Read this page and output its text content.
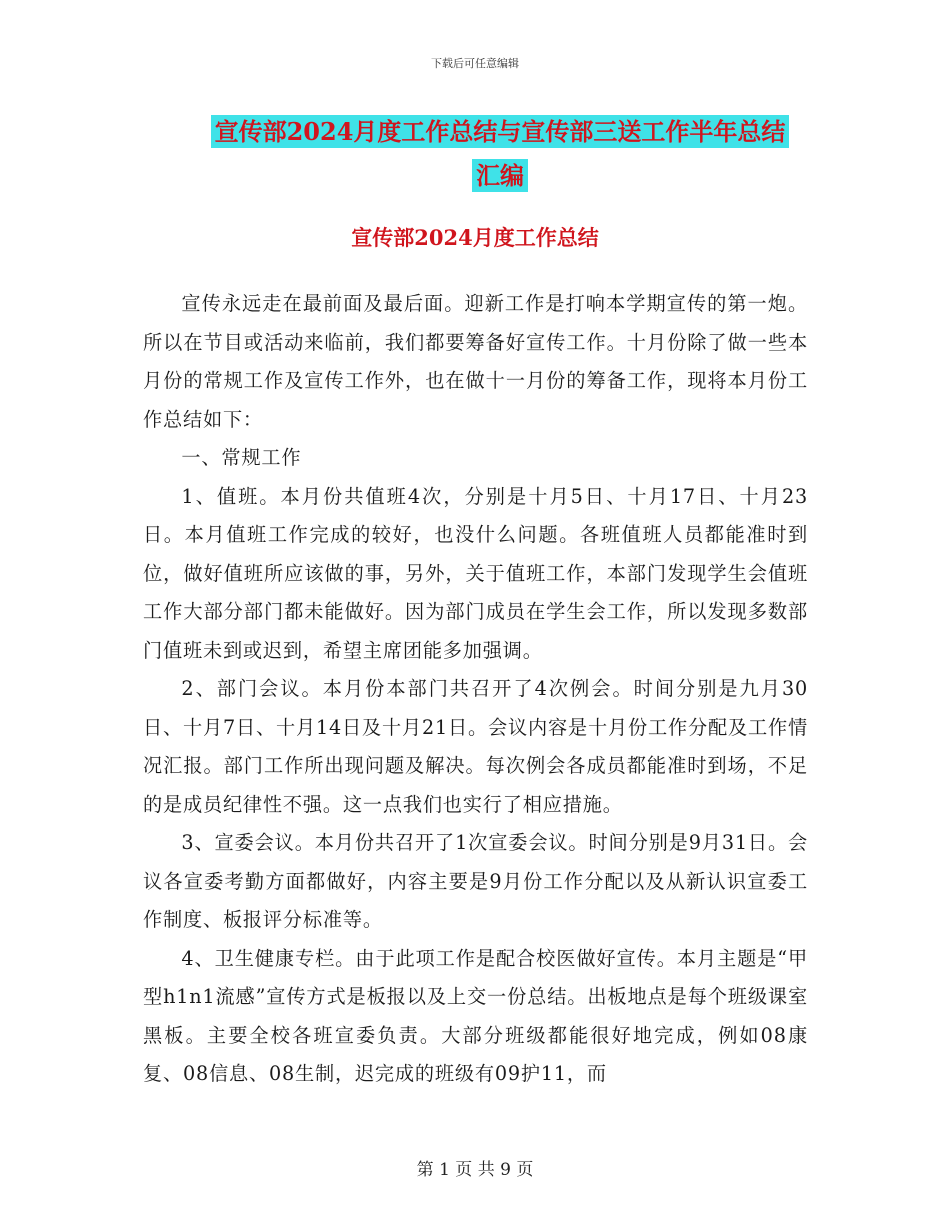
下载后可任意编辑
宣传部2024月度工作总结与宣传部三送工作半年总结
汇编
宣传部2024月度工作总结

宣传永远走在最前面及最后面。迎新工作是打响本学期宣传的第一炮。所以在节目或活动来临前，我们都要筹备好宣传工作。十月份除了做一些本月份的常规工作及宣传工作外，也在做十一月份的筹备工作，现将本月份工作总结如下：

一、常规工作

1、值班。本月份共值班4次，分别是十月5日、十月17日、十月23日。本月值班工作完成的较好，也没什么问题。各班值班人员都能准时到位，做好值班所应该做的事，另外，关于值班工作，本部门发现学生会值班工作大部分部门都未能做好。因为部门成员在学生会工作，所以发现多数部门值班未到或迟到，希望主席团能多加强调。

2、部门会议。本月份本部门共召开了4次例会。时间分别是九月30日、十月7日、十月14日及十月21日。会议内容是十月份工作分配及工作情况汇报。部门工作所出现问题及解决。每次例会各成员都能准时到场，不足的是成员纪律性不强。这一点我们也实行了相应措施。

3、宣委会议。本月份共召开了1次宣委会议。时间分别是9月31日。会议各宣委考勤方面都做好，内容主要是9月份工作分配以及从新认识宣委工作制度、板报评分标准等。

4、卫生健康专栏。由于此项工作是配合校医做好宣传。本月主题是“甲型h1n1流感”宣传方式是板报以及上交一份总结。出板地点是每个班级课室黑板。主要全校各班宣委负责。大部分班级都能很好地完成，例如08康复、08信息、08生制，迟完成的班级有09护11，而

第 1 页 共 9 页
